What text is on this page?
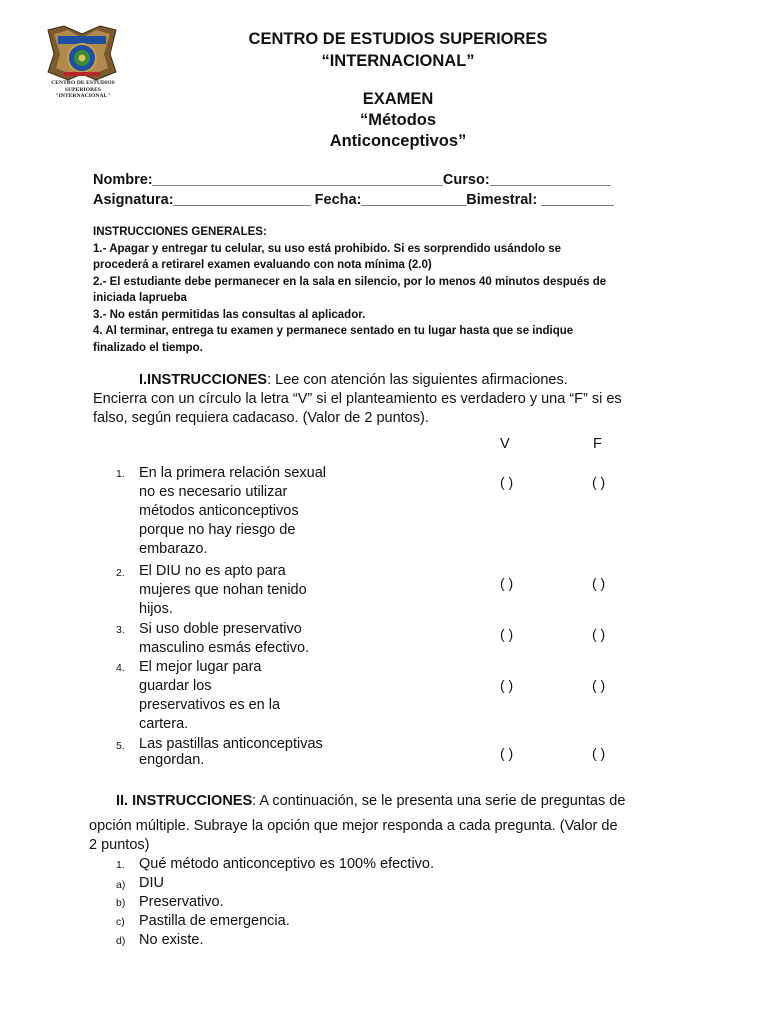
CENTRO DE ESTUDIOS
SUPERIORES
"INTERNACIONAL"
CENTRO DE ESTUDIOS SUPERIORES
“INTERNACIONAL”
EXAMEN
“Métodos
Anticonceptivos”
Nombre:____________________________________Curso:_______________
Asignatura:_________________ Fecha:_____________Bimestral: _________
INSTRUCCIONES GENERALES:
1.- Apagar y entregar tu celular, su uso está prohibido. Si es sorprendido usándolo se
procederá a retirarel examen evaluando con nota mínima (2.0)
2.- El estudiante debe permanecer en la sala en silencio, por lo menos 40 minutos después de
iniciada laprueba
3.- No están permitidas las consultas al aplicador.
4. Al terminar, entrega tu examen y permanece sentado en tu lugar hasta que se indique
finalizado el tiempo.
I.INSTRUCCIONES: Lee con atención las siguientes afirmaciones.
Encierra con un círculo la letra “V” si el planteamiento es verdadero y una “F” si es
falso, según requiera cadacaso. (Valor de 2 puntos).
V	F
1. En la primera relación sexual
no es necesario utilizar
métodos anticonceptivos
porque no hay riesgo de
embarazo.
( )	( )
2. El DIU no es apto para
mujeres que nohan tenido
hijos.
( )	( )
3. Si uso doble preservativo
masculino esmás efectivo.
( )	( )
4. El mejor lugar para
guardar los
preservativos es en la
cartera.
( )	( )
5. Las pastillas anticonceptivas
engordan.	( )	( )
II. INSTRUCCIONES: A continuación, se le presenta una serie de preguntas de
opción múltiple. Subraye la opción que mejor responda a cada pregunta. (Valor de
2 puntos)
1. Qué método anticonceptivo es 100% efectivo.
a) DIU
b) Preservativo.
c) Pastilla de emergencia.
d) No existe.
